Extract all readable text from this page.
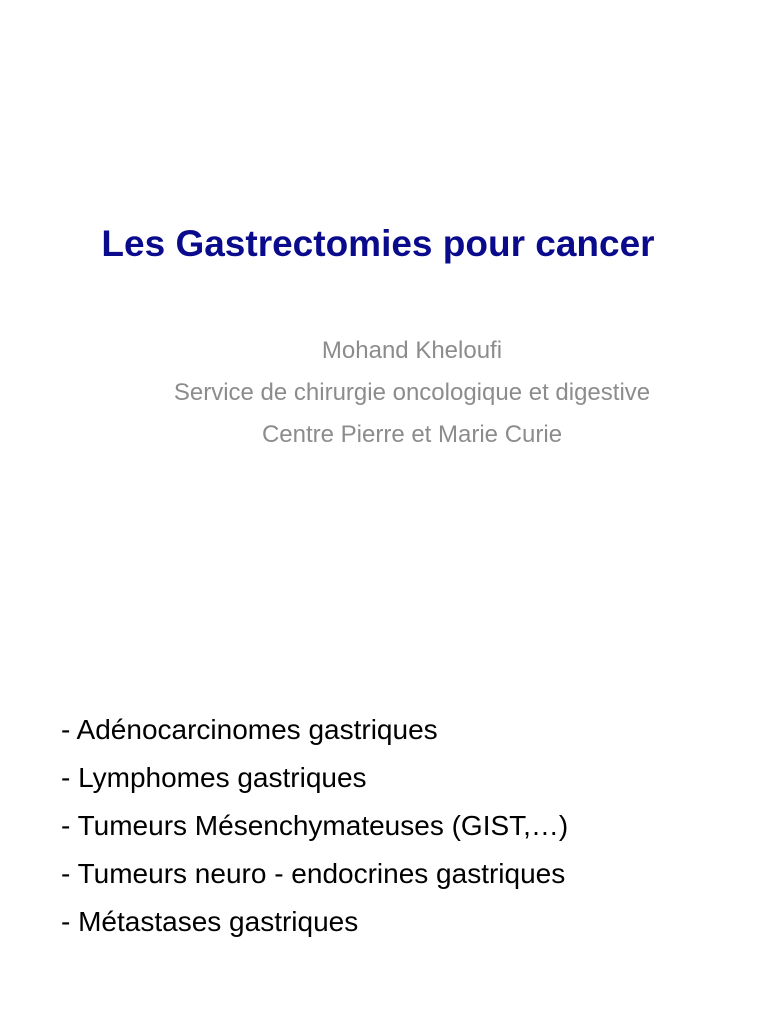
Les Gastrectomies pour cancer
Mohand Kheloufi
Service de chirurgie oncologique et digestive
Centre Pierre et Marie Curie
- Adénocarcinomes gastriques
- Lymphomes gastriques
- Tumeurs Mésenchymateuses (GIST,…)
- Tumeurs neuro - endocrines gastriques
- Métastases gastriques
